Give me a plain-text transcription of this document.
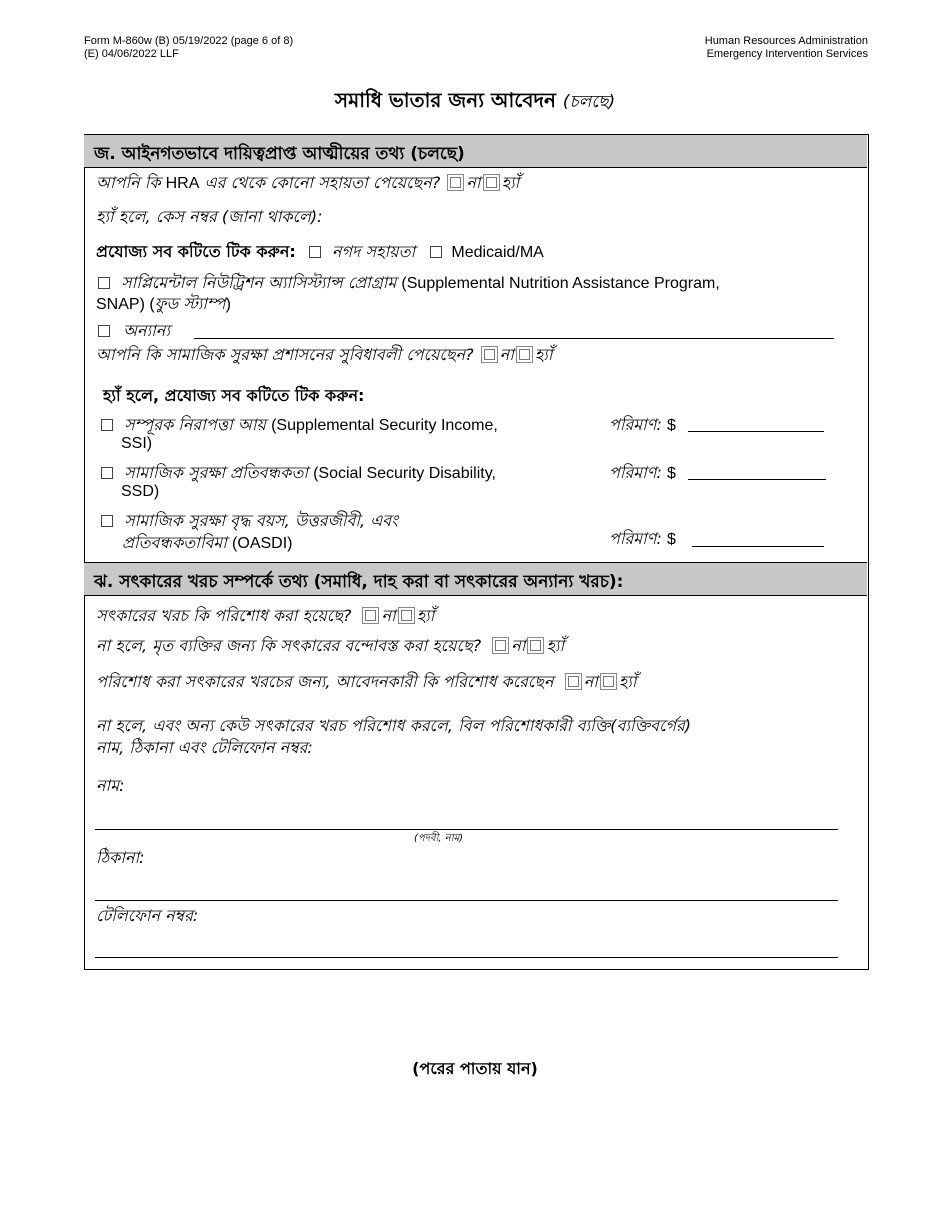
Form M-860w (B) 05/19/2022 (page 6 of 8)
(E) 04/06/2022 LLF
Human Resources Administration
Emergency Intervention Services
সমাধি ভাতার জন্য আবেদন (চলছে)
জ. আইনগতভাবে দায়িত্বপ্রাপ্ত আত্মীয়ের তথ্য (চলছে)
আপনি কি HRA এর থেকে কোনো সহায়তা পেয়েছেন? না হ্যাঁ
হ্যাঁ হলে, কেস নম্বর (জানা থাকলে):
প্রযোজ্য সব কটিতে টিক করুন: নগদ সহায়তা Medicaid/MA
সাপ্লিমেন্টাল নিউট্রিশন অ্যাসিস্ট্যান্স প্রোগ্রাম (Supplemental Nutrition Assistance Program,
SNAP) (ফুড স্ট্যাম্প)
অন্যান্য
আপনি কি সামাজিক সুরক্ষা প্রশাসনের সুবিধাবলী পেয়েছেন? না হ্যাঁ
হ্যাঁ হলে, প্রযোজ্য সব কটিতে টিক করুন:
সম্পূরক নিরাপত্তা আয় (Supplemental Security Income,
SSI)
পরিমাণ: $
সামাজিক সুরক্ষা প্রতিবন্ধকতা (Social Security Disability,
SSD)
পরিমাণ: $
সামাজিক সুরক্ষা বৃদ্ধ বয়স, উত্তরজীবী, এবং
প্রতিবন্ধকতাবিমা (OASDI)	পরিমাণ: $
ঝ. সৎকারের খরচ সম্পর্কে তথ্য (সমাধি, দাহ করা বা সৎকারের অন্যান্য খরচ):
সৎকারের খরচ কি পরিশোধ করা হয়েছে? না হ্যাঁ
না হলে, মৃত ব্যক্তির জন্য কি সৎকারের বন্দোবস্ত করা হয়েছে? না হ্যাঁ
পরিশোধ করা সৎকারের খরচের জন্য, আবেদনকারী কি পরিশোধ করেছেন না হ্যাঁ
না হলে, এবং অন্য কেউ সৎকারের খরচ পরিশোধ করলে, বিল পরিশোধকারী ব্যক্তি(ব্যক্তিবর্গের)
নাম, ঠিকানা এবং টেলিফোন নম্বর:
নাম:
(পদবী, নাম)
ঠিকানা:
টেলিফোন নম্বর:
(পরের পাতায় যান)
